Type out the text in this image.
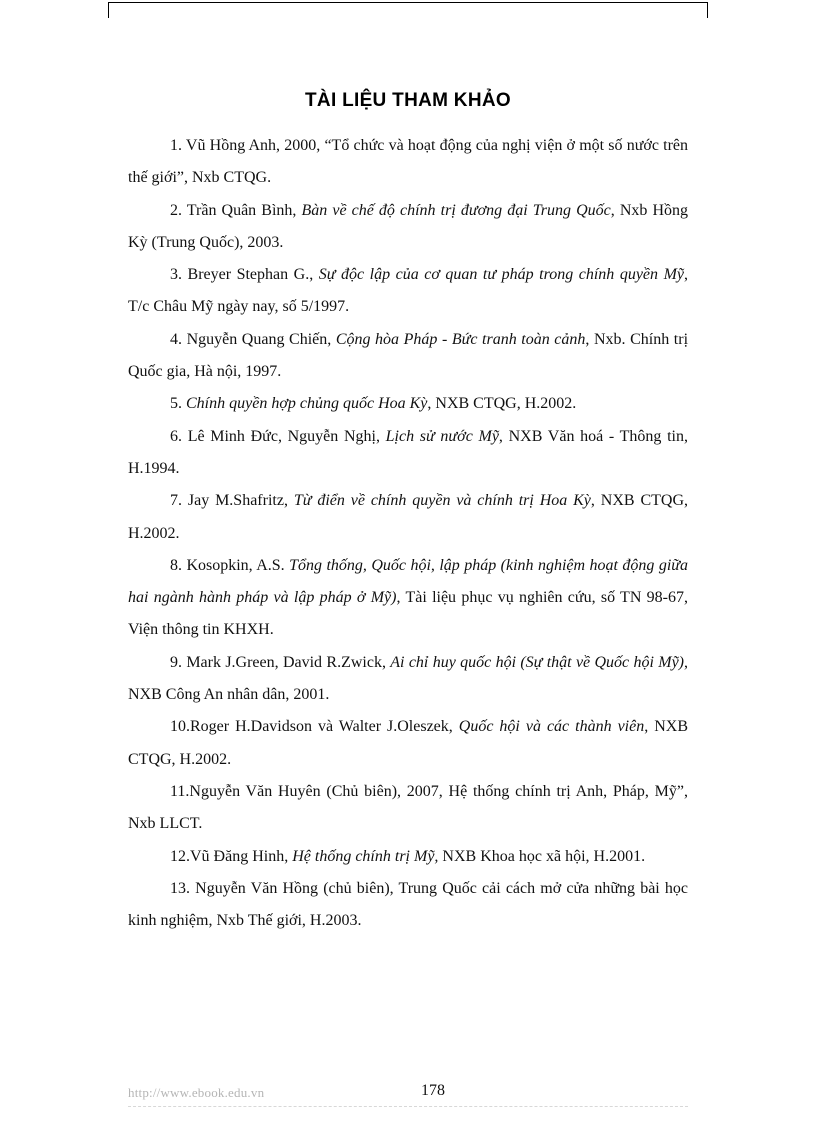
TÀI LIỆU THAM KHẢO

1. Vũ Hồng Anh, 2000, “Tổ chức và hoạt động của nghị viện ở một số nước trên thế giới”, Nxb CTQG.

2. Trần Quân Bình, Bàn về chế độ chính trị đương đại Trung Quốc, Nxb Hồng Kỳ (Trung Quốc), 2003.

3. Breyer Stephan G., Sự độc lập của cơ quan tư pháp trong chính quyền Mỹ, T/c Châu Mỹ ngày nay, số 5/1997.

4. Nguyễn Quang Chiến, Cộng hòa Pháp - Bức tranh toàn cảnh, Nxb. Chính trị Quốc gia, Hà nội, 1997.

5. Chính quyền hợp chủng quốc Hoa Kỳ, NXB CTQG, H.2002.

6. Lê Minh Đức, Nguyễn Nghị, Lịch sử nước Mỹ, NXB Văn hoá - Thông tin, H.1994.

7. Jay M.Shafritz, Từ điển về chính quyền và chính trị Hoa Kỳ, NXB CTQG, H.2002.

8. Kosopkin, A.S. Tổng thống, Quốc hội, lập pháp (kinh nghiệm hoạt động giữa hai ngành hành pháp và lập pháp ở Mỹ), Tài liệu phục vụ nghiên cứu, số TN 98-67, Viện thông tin KHXH.

9. Mark J.Green, David R.Zwick, Ai chỉ huy quốc hội (Sự thật về Quốc hội Mỹ), NXB Công An nhân dân, 2001.

10.Roger H.Davidson và Walter J.Oleszek, Quốc hội và các thành viên, NXB CTQG, H.2002.

11.Nguyễn Văn Huyên (Chủ biên), 2007, Hệ thống chính trị Anh, Pháp, Mỹ”, Nxb LLCT.

12.Vũ Đăng Hinh, Hệ thống chính trị Mỹ, NXB Khoa học xã hội, H.2001.

13. Nguyễn Văn Hồng (chủ biên), Trung Quốc cải cách mở cửa những bài học kinh nghiệm, Nxb Thế giới, H.2003.

http://www.ebook.edu.vn	178
